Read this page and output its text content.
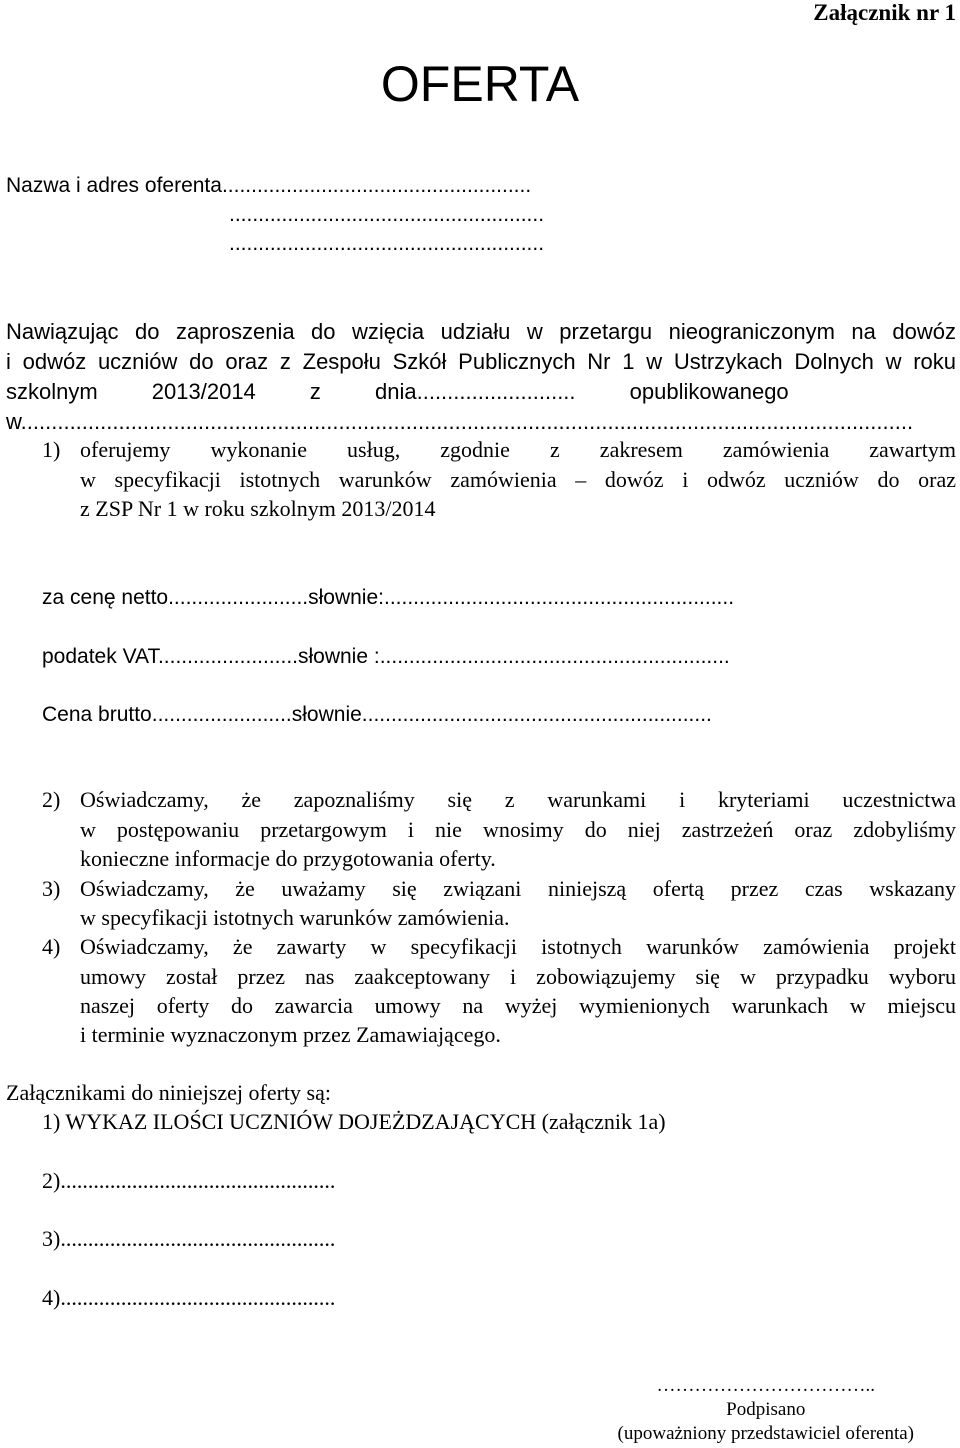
Załącznik nr 1
OFERTA
Nazwa i adres oferenta.....................................................
......................................................
......................................................
Nawiązując do zaproszenia do wzięcia udziału w przetargu nieograniczonym na dowóz
i odwóz uczniów do oraz z Zespołu Szkół Publicznych Nr 1 w Ustrzykach Dolnych w roku
szkolnym 2013/2014 z dnia.......................... opublikowanego
w..................................................................................................................................................
1) oferujemy wykonanie usług, zgodnie z zakresem zamówienia zawartym
w specyfikacji istotnych warunków zamówienia – dowóz i odwóz uczniów do oraz
z ZSP Nr 1 w roku szkolnym 2013/2014
za cenę netto........................słownie:............................................................
podatek VAT........................słownie :............................................................
Cena brutto........................słownie............................................................
2) Oświadczamy, że zapoznaliśmy się z warunkami i kryteriami uczestnictwa
w postępowaniu przetargowym i nie wnosimy do niej zastrzeżeń oraz zdobyliśmy
konieczne informacje do przygotowania oferty.
3) Oświadczamy, że uważamy się związani niniejszą ofertą przez czas wskazany
w specyfikacji istotnych warunków zamówienia.
4) Oświadczamy, że zawarty w specyfikacji istotnych warunków zamówienia projekt
umowy został przez nas zaakceptowany i zobowiązujemy się w przypadku wyboru
naszej oferty do zawarcia umowy na wyżej wymienionych warunkach w miejscu
i terminie wyznaczonym przez Zamawiającego.
Załącznikami do niniejszej oferty są:
1) WYKAZ ILOŚCI UCZNIÓW DOJEŻDZAJĄCYCH (załącznik 1a)
2)..................................................
3)..................................................
4)..................................................
……………………………..
Podpisano
(upoważniony przedstawiciel oferenta)
